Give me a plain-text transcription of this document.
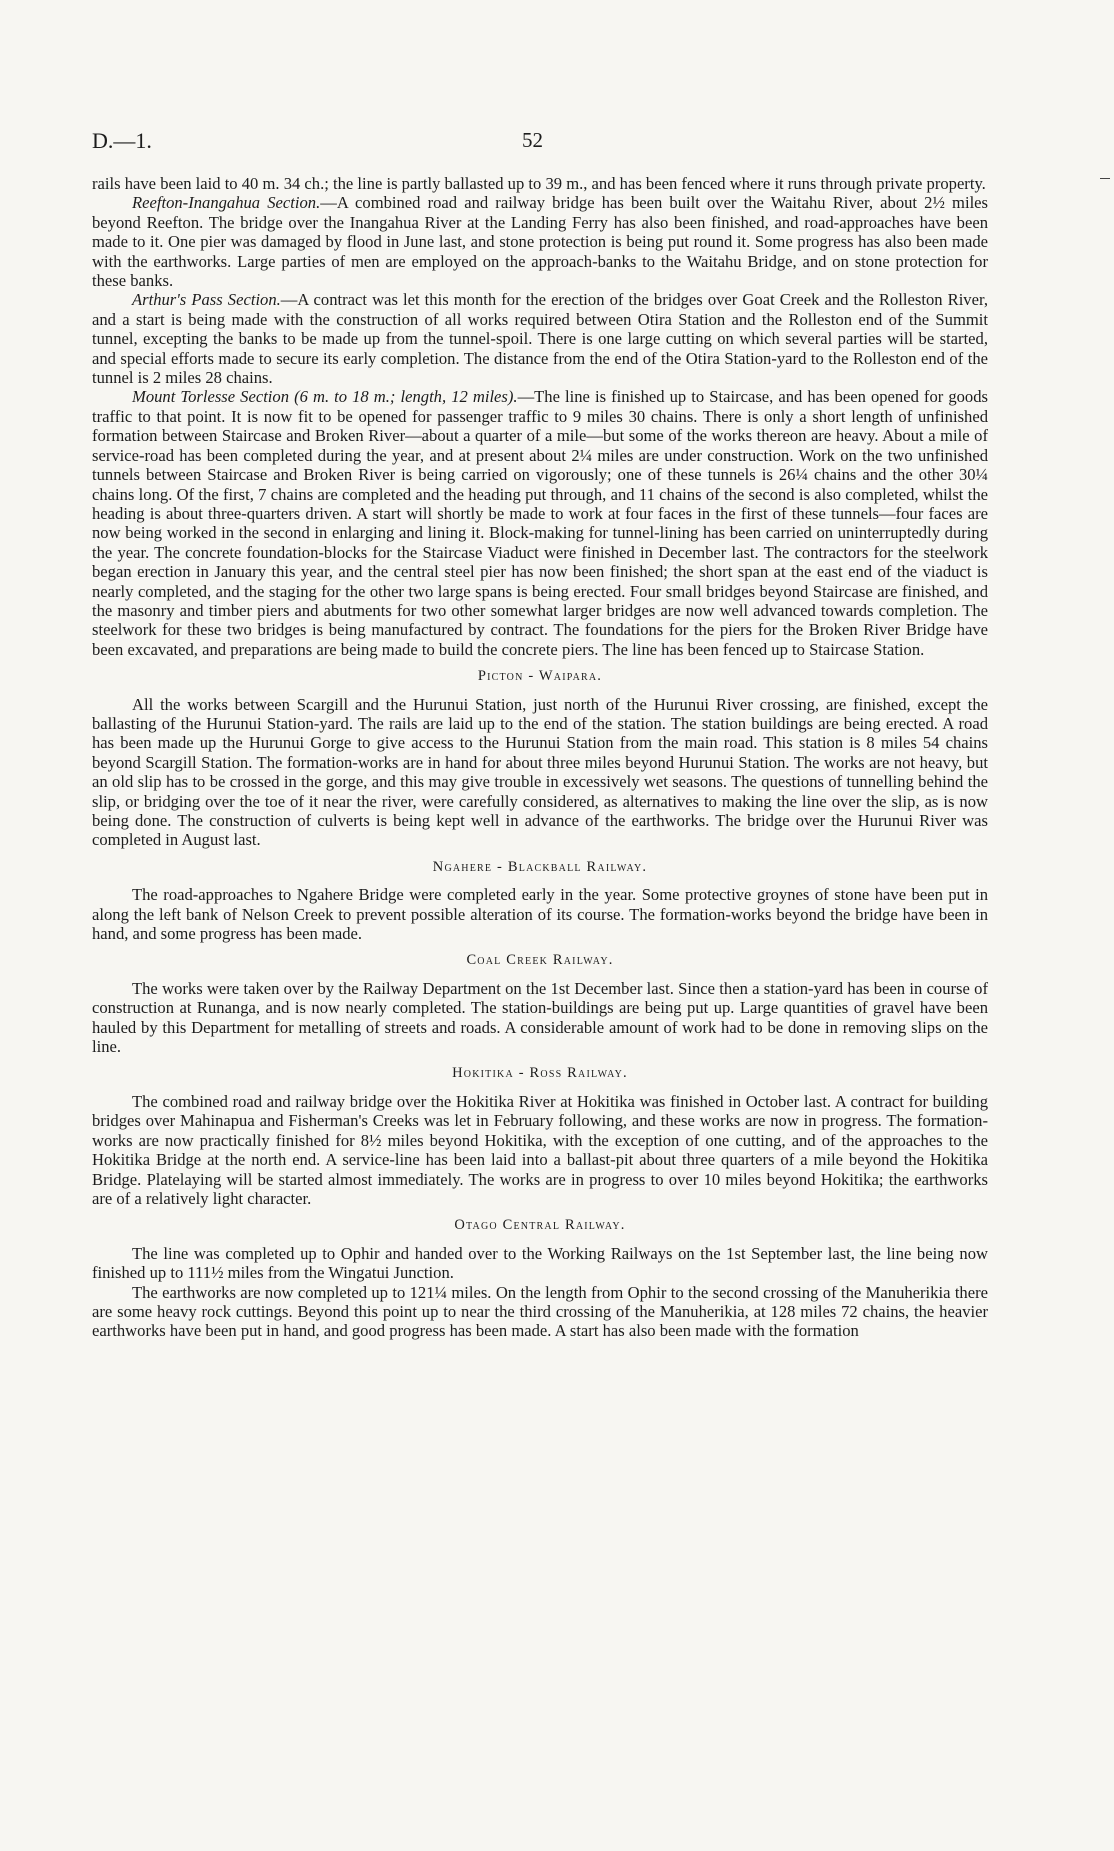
D.—1.	52

rails have been laid to 40 m. 34 ch.; the line is partly ballasted up to 39 m., and has been fenced where it runs through private property.

Reefton-Inangahua Section.—A combined road and railway bridge has been built over the Waitahu River, about 2½ miles beyond Reefton. The bridge over the Inangahua River at the Landing Ferry has also been finished, and road-approaches have been made to it. One pier was damaged by flood in June last, and stone protection is being put round it. Some progress has also been made with the earthworks. Large parties of men are employed on the approach-banks to the Waitahu Bridge, and on stone protection for these banks.

Arthur's Pass Section.—A contract was let this month for the erection of the bridges over Goat Creek and the Rolleston River, and a start is being made with the construction of all works required between Otira Station and the Rolleston end of the Summit tunnel, excepting the banks to be made up from the tunnel-spoil. There is one large cutting on which several parties will be started, and special efforts made to secure its early completion. The distance from the end of the Otira Station-yard to the Rolleston end of the tunnel is 2 miles 28 chains.

Mount Torlesse Section (6 m. to 18 m.; length, 12 miles).—The line is finished up to Staircase, and has been opened for goods traffic to that point. It is now fit to be opened for passenger traffic to 9 miles 30 chains. There is only a short length of unfinished formation between Staircase and Broken River—about a quarter of a mile—but some of the works thereon are heavy. About a mile of service-road has been completed during the year, and at present about 2¼ miles are under construction. Work on the two unfinished tunnels between Staircase and Broken River is being carried on vigorously; one of these tunnels is 26¼ chains and the other 30¼ chains long. Of the first, 7 chains are completed and the heading put through, and 11 chains of the second is also completed, whilst the heading is about three-quarters driven. A start will shortly be made to work at four faces in the first of these tunnels—four faces are now being worked in the second in enlarging and lining it. Block-making for tunnel-lining has been carried on uninterruptedly during the year. The concrete foundation-blocks for the Staircase Viaduct were finished in December last. The contractors for the steelwork began erection in January this year, and the central steel pier has now been finished; the short span at the east end of the viaduct is nearly completed, and the staging for the other two large spans is being erected. Four small bridges beyond Staircase are finished, and the masonry and timber piers and abutments for two other somewhat larger bridges are now well advanced towards completion. The steelwork for these two bridges is being manufactured by contract. The foundations for the piers for the Broken River Bridge have been excavated, and preparations are being made to build the concrete piers. The line has been fenced up to Staircase Station.

Picton - Waipara.

All the works between Scargill and the Hurunui Station, just north of the Hurunui River crossing, are finished, except the ballasting of the Hurunui Station-yard. The rails are laid up to the end of the station. The station buildings are being erected. A road has been made up the Hurunui Gorge to give access to the Hurunui Station from the main road. This station is 8 miles 54 chains beyond Scargill Station. The formation-works are in hand for about three miles beyond Hurunui Station. The works are not heavy, but an old slip has to be crossed in the gorge, and this may give trouble in excessively wet seasons. The questions of tunnelling behind the slip, or bridging over the toe of it near the river, were carefully considered, as alternatives to making the line over the slip, as is now being done. The construction of culverts is being kept well in advance of the earthworks. The bridge over the Hurunui River was completed in August last.

Ngahere - Blackball Railway.

The road-approaches to Ngahere Bridge were completed early in the year. Some protective groynes of stone have been put in along the left bank of Nelson Creek to prevent possible alteration of its course. The formation-works beyond the bridge have been in hand, and some progress has been made.

Coal Creek Railway.

The works were taken over by the Railway Department on the 1st December last. Since then a station-yard has been in course of construction at Runanga, and is now nearly completed. The station-buildings are being put up. Large quantities of gravel have been hauled by this Department for metalling of streets and roads. A considerable amount of work had to be done in removing slips on the line.

Hokitika - Ross Railway.

The combined road and railway bridge over the Hokitika River at Hokitika was finished in October last. A contract for building bridges over Mahinapua and Fisherman's Creeks was let in February following, and these works are now in progress. The formation-works are now practically finished for 8½ miles beyond Hokitika, with the exception of one cutting, and of the approaches to the Hokitika Bridge at the north end. A service-line has been laid into a ballast-pit about three quarters of a mile beyond the Hokitika Bridge. Platelaying will be started almost immediately. The works are in progress to over 10 miles beyond Hokitika; the earthworks are of a relatively light character.

Otago Central Railway.

The line was completed up to Ophir and handed over to the Working Railways on the 1st September last, the line being now finished up to 111½ miles from the Wingatui Junction.

The earthworks are now completed up to 121¼ miles. On the length from Ophir to the second crossing of the Manuherikia there are some heavy rock cuttings. Beyond this point up to near the third crossing of the Manuherikia, at 128 miles 72 chains, the heavier earthworks have been put in hand, and good progress has been made. A start has also been made with the formation
